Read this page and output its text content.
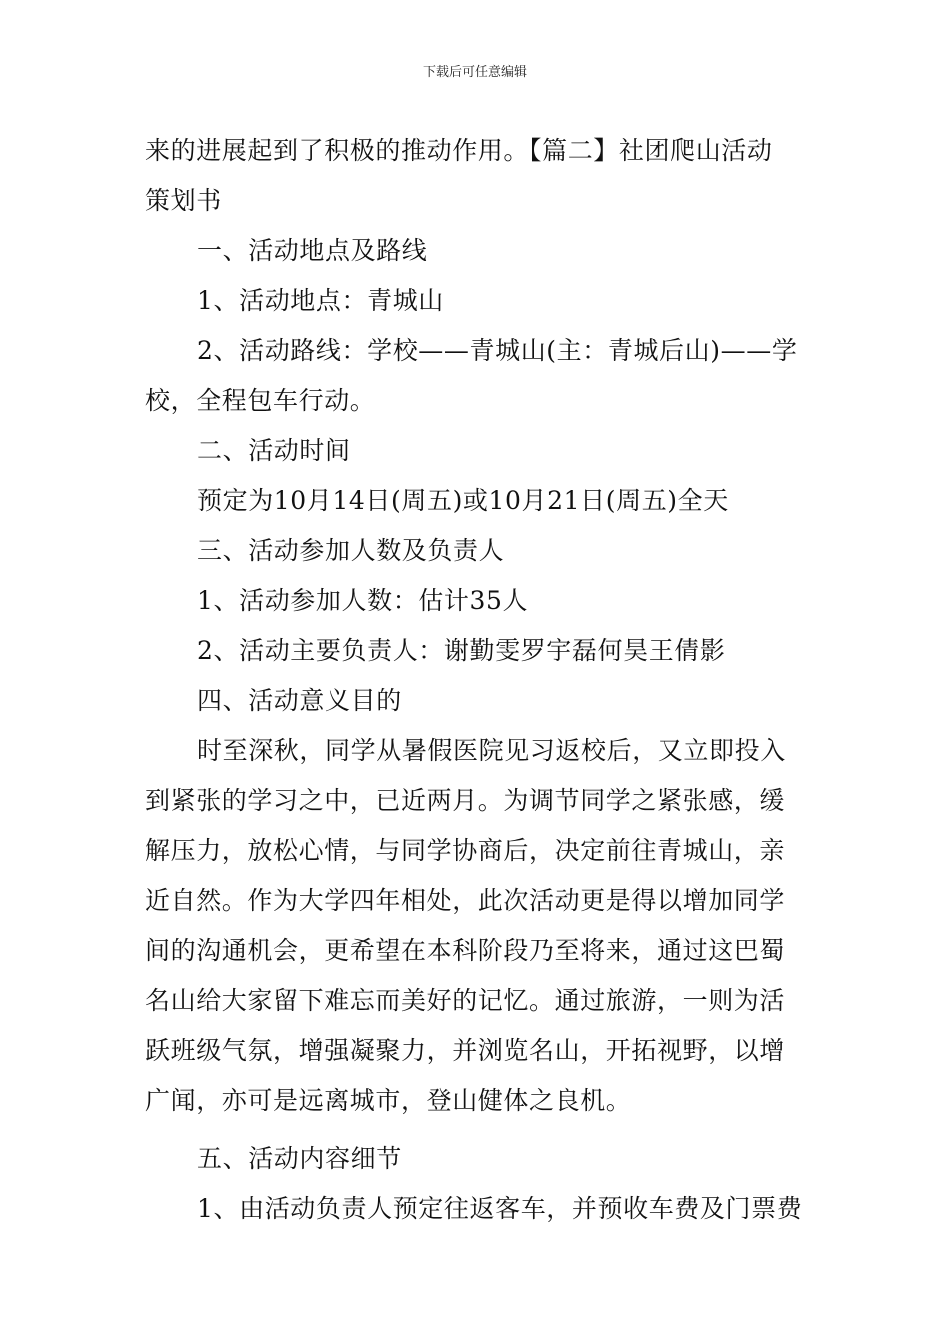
下载后可任意编辑
来的进展起到了积极的推动作用。【篇二】社团爬山活动
策划书
一、活动地点及路线
1、活动地点：青城山
2、活动路线：学校——青城山(主：青城后山)——学
校，全程包车行动。
二、活动时间
预定为10月14日(周五)或10月21日(周五)全天
三、活动参加人数及负责人
1、活动参加人数：估计35人
2、活动主要负责人：谢勤雯罗宇磊何昊王倩影
四、活动意义目的
时至深秋，同学从暑假医院见习返校后，又立即投入
到紧张的学习之中，已近两月。为调节同学之紧张感，缓
解压力，放松心情，与同学协商后，决定前往青城山，亲
近自然。作为大学四年相处，此次活动更是得以增加同学
间的沟通机会，更希望在本科阶段乃至将来，通过这巴蜀
名山给大家留下难忘而美好的记忆。通过旅游，一则为活
跃班级气氛，增强凝聚力，并浏览名山，开拓视野，以增
广闻，亦可是远离城市，登山健体之良机。
五、活动内容细节
1、由活动负责人预定往返客车，并预收车费及门票费
